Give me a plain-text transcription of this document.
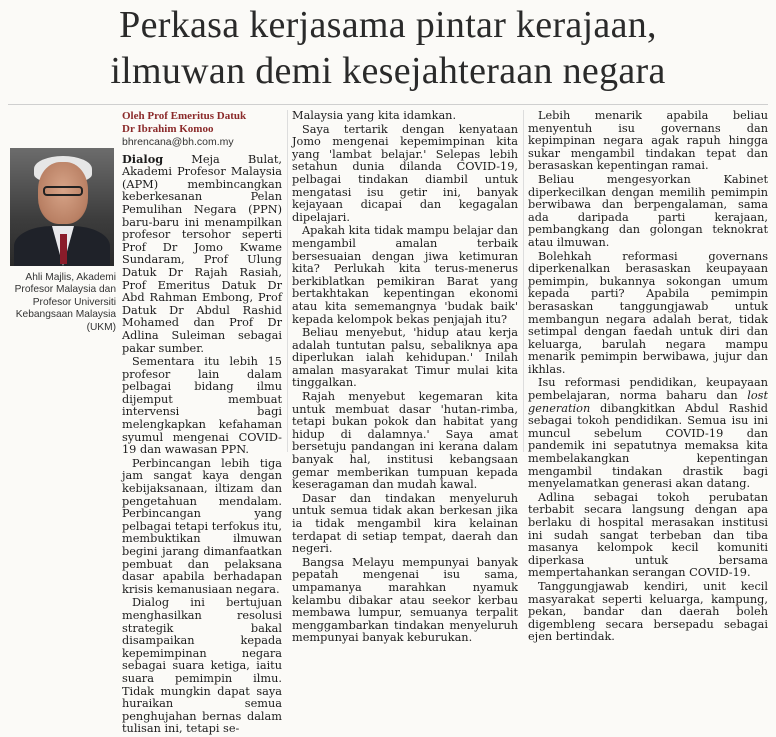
Perkasa kerjasama pintar kerajaan,
ilmuwan demi kesejahteraan negara
Ahli Majlis, Akademi
Profesor Malaysia dan
Profesor Universiti
Kebangsaan Malaysia
(UKM)
Oleh Prof Emeritus Datuk
Dr Ibrahim Komoo
bhrencana@bh.com.my

Dialog Meja Bulat, Akademi Profesor Malaysia (APM) membincangkan keberkesanan Pelan Pemulihan Negara (PPN) baru-baru ini menampilkan profesor tersohor seperti Prof Dr Jomo Kwame Sundaram, Prof Ulung Datuk Dr Rajah Rasiah, Prof Emeritus Datuk Dr Abd Rahman Embong, Prof Datuk Dr Abdul Rashid Mohamed dan Prof Dr Adlina Suleiman sebagai pakar sumber.

Sementara itu lebih 15 profesor lain dalam pelbagai bidang ilmu dijemput membuat intervensi bagi melengkapkan kefahaman syumul mengenai COVID-19 dan wawasan PPN.

Perbincangan lebih tiga jam sangat kaya dengan kebijaksanaan, iltizam dan pengetahuan mendalam. Perbincangan yang pelbagai tetapi terfokus itu, membuktikan ilmuwan begini jarang dimanfaatkan pembuat dan pelaksana dasar apabila berhadapan krisis kemanusiaan negara.

Dialog ini bertujuan menghasilkan resolusi strategik bakal disampaikan kepada kepemimpinan negara sebagai suara ketiga, iaitu suara pemimpin ilmu. Tidak mungkin dapat saya huraikan semua penghujahan bernas dalam tulisan ini, tetapi se-

Malaysia yang kita idamkan.

Saya tertarik dengan kenyataan Jomo mengenai kepemimpinan kita yang 'lambat belajar.' Selepas lebih setahun dunia dilanda COVID-19, pelbagai tindakan diambil untuk mengatasi isu getir ini, banyak kejayaan dicapai dan kegagalan dipelajari.

Apakah kita tidak mampu belajar dan mengambil amalan terbaik bersesuaian dengan jiwa ketimuran kita? Perlukah kita terus-menerus berkiblatkan pemikiran Barat yang bertakhtakan kepentingan ekonomi atau kita sememangnya 'budak baik' kepada kelompok bekas penjajah itu?

Beliau menyebut, 'hidup atau kerja adalah tuntutan palsu, sebaliknya apa diperlukan ialah kehidupan.' Inilah amalan masyarakat Timur mulai kita tinggalkan.

Rajah menyebut kegemaran kita untuk membuat dasar 'hutan-rimba, tetapi bukan pokok dan habitat yang hidup di dalamnya.' Saya amat bersetuju pandangan ini kerana dalam banyak hal, institusi kebangsaan gemar memberikan tumpuan kepada keseragaman dan mudah kawal.

Dasar dan tindakan menyeluruh untuk semua tidak akan berkesan jika ia tidak mengambil kira kelainan terdapat di setiap tempat, daerah dan negeri.

Bangsa Melayu mempunyai banyak pepatah mengenai isu sama, umpamanya marahkan nyamuk kelambu dibakar atau seekor kerbau membawa lumpur, semuanya terpalit menggambarkan tindakan menyeluruh mempunyai banyak keburukan.

Lebih menarik apabila beliau menyentuh isu governans dan kepimpinan negara agak rapuh hingga sukar mengambil tindakan tepat dan berasaskan kepentingan ramai.

Beliau mengesyorkan Kabinet diperkecilkan dengan memilih pemimpin berwibawa dan berpengalaman, sama ada daripada parti kerajaan, pembangkang dan golongan teknokrat atau ilmuwan.

Bolehkah reformasi governans diperkenalkan berasaskan keupayaan pemimpin, bukannya sokongan umum kepada parti? Apabila pemimpin berasaskan tanggungjawab untuk membangun negara adalah berat, tidak setimpal dengan faedah untuk diri dan keluarga, barulah negara mampu menarik pemimpin berwibawa, jujur dan ikhlas.

Isu reformasi pendidikan, keupayaan pembelajaran, norma baharu dan lost generation dibangkitkan Abdul Rashid sebagai tokoh pendidikan. Semua isu ini muncul sebelum COVID-19 dan pandemik ini sepatutnya memaksa kita membelakangkan kepentingan mengambil tindakan drastik bagi menyelamatkan generasi akan datang.

Adlina sebagai tokoh perubatan terbabit secara langsung dengan apa berlaku di hospital merasakan institusi ini sudah sangat terbeban dan tiba masanya kelompok kecil komuniti diperkasa untuk bersama mempertahankan serangan COVID-19.

Tanggungjawab kendiri, unit kecil masyarakat seperti keluarga, kampung, pekan, bandar dan daerah boleh digembleng secara bersepadu sebagai ejen bertindak.
